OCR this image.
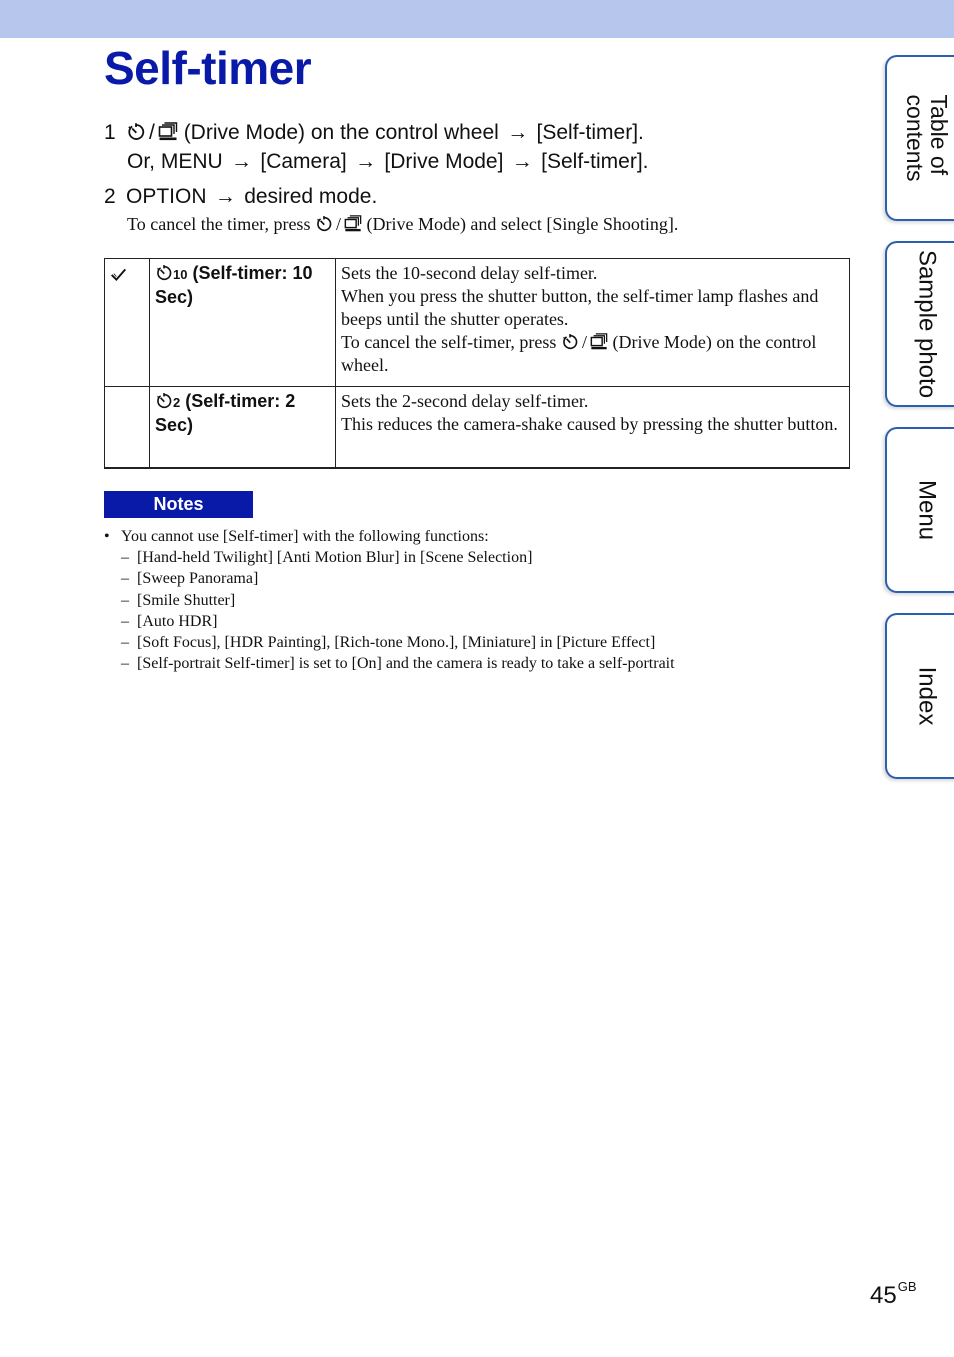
Self-timer
1 / (Drive Mode) on the control wheel → [Self-timer].
Or, MENU → [Camera] → [Drive Mode] → [Self-timer].
2 OPTION → desired mode.
To cancel the timer, press / (Drive Mode) and select [Single Shooting].
	10 (Self-timer: 10 Sec)	Sets the 10-second delay self-timer.
When you press the shutter button, the self-timer lamp flashes and beeps until the shutter operates.
To cancel the self-timer, press / (Drive Mode) on the control wheel.

	2 (Self-timer: 2 Sec)	Sets the 2-second delay self-timer.
This reduces the camera-shake caused by pressing the shutter button.
Notes
• You cannot use [Self-timer] with the following functions:
– [Hand-held Twilight] [Anti Motion Blur] in [Scene Selection]
– [Sweep Panorama]
– [Smile Shutter]
– [Auto HDR]
– [Soft Focus], [HDR Painting], [Rich-tone Mono.], [Miniature] in [Picture Effect]
– [Self-portrait Self-timer] is set to [On] and the camera is ready to take a self-portrait
Table of
contents
Sample photo
Menu
Index
$45^{GB}$
